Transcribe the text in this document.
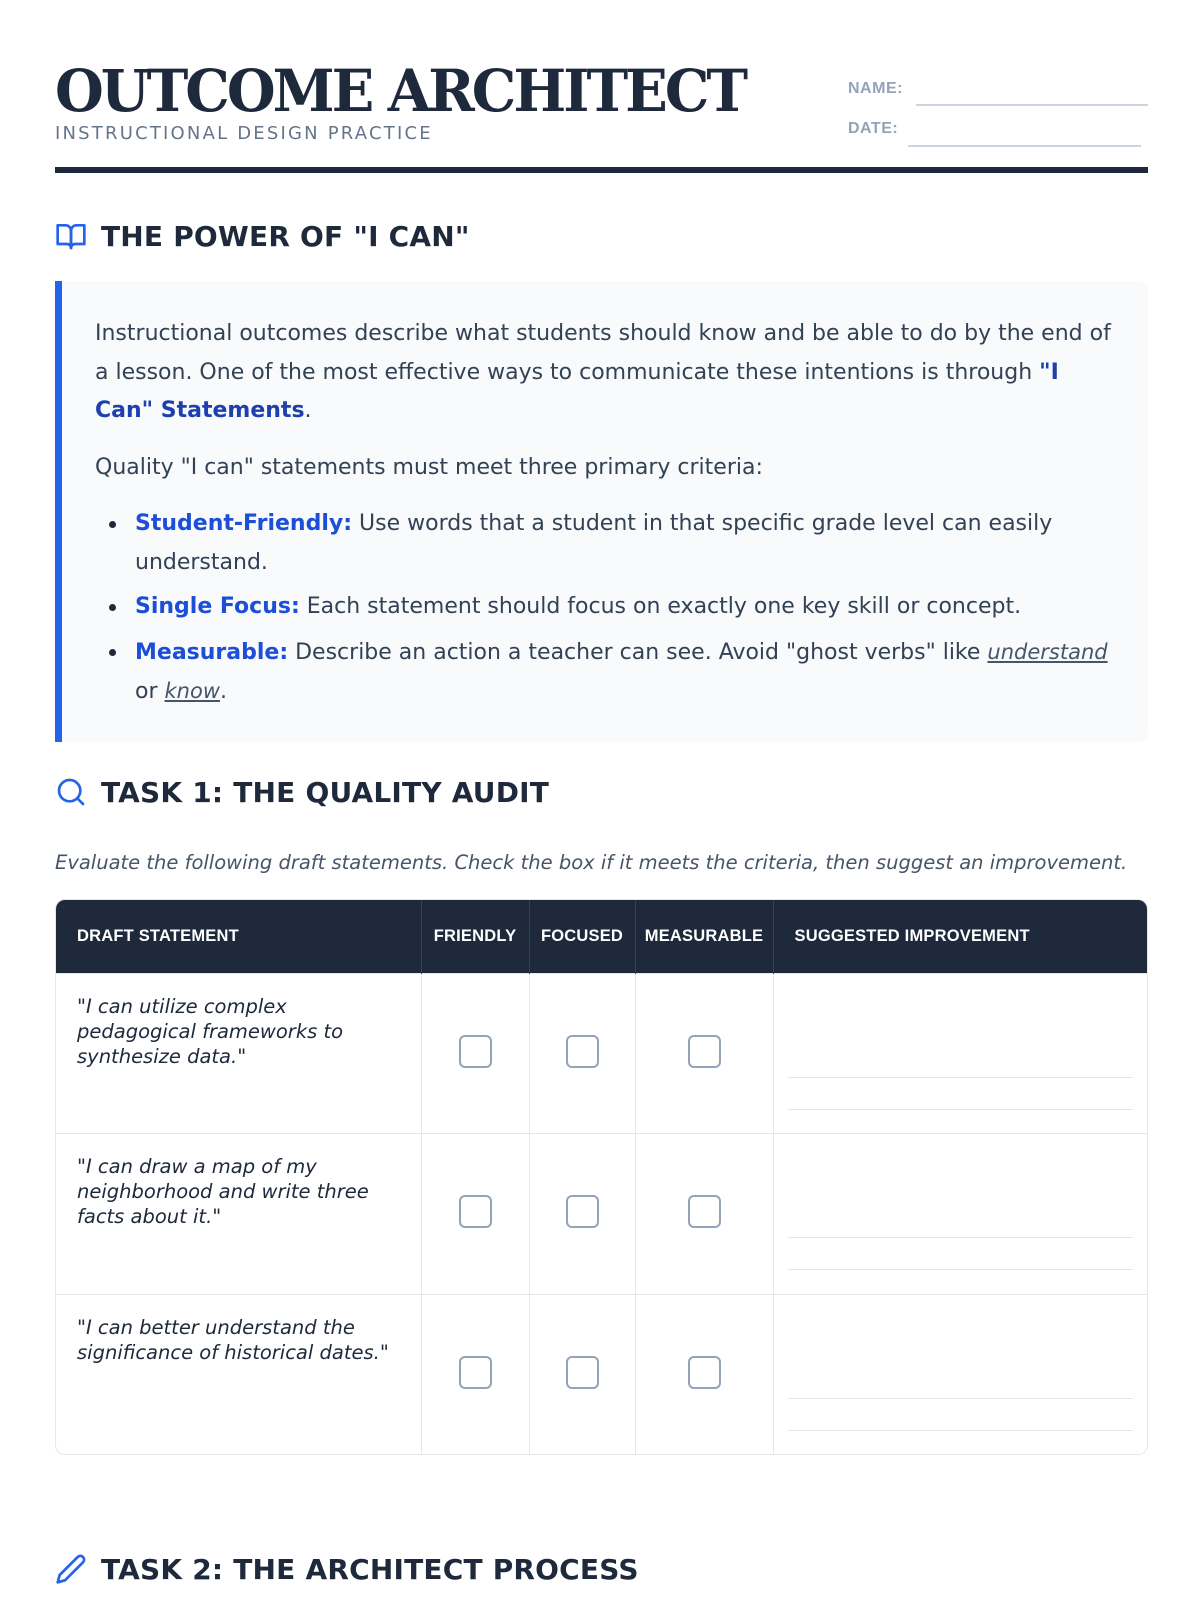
OUTCOME ARCHITECT
INSTRUCTIONAL DESIGN PRACTICE
NAME:
DATE:
THE POWER OF "I CAN"

Instructional outcomes describe what students should know and be able to do by the end of a lesson. One of the most effective ways to communicate these intentions is through "I Can" Statements.

Quality "I can" statements must meet three primary criteria:

Student-Friendly: Use words that a student in that specific grade level can easily understand.
Single Focus: Each statement should focus on exactly one key skill or concept.
Measurable: Describe an action a teacher can see. Avoid "ghost verbs" like understand or know.
TASK 1: THE QUALITY AUDIT
Evaluate the following draft statements. Check the box if it meets the criteria, then suggest an improvement.
DRAFT STATEMENT	FRIENDLY	FOCUSED	MEASURABLE	SUGGESTED IMPROVEMENT
"I can utilize complex pedagogical frameworks to synthesize data."				

"I can draw a map of my neighborhood and write three facts about it."				

"I can better understand the significance of historical dates."				
TASK 2: THE ARCHITECT PROCESS
